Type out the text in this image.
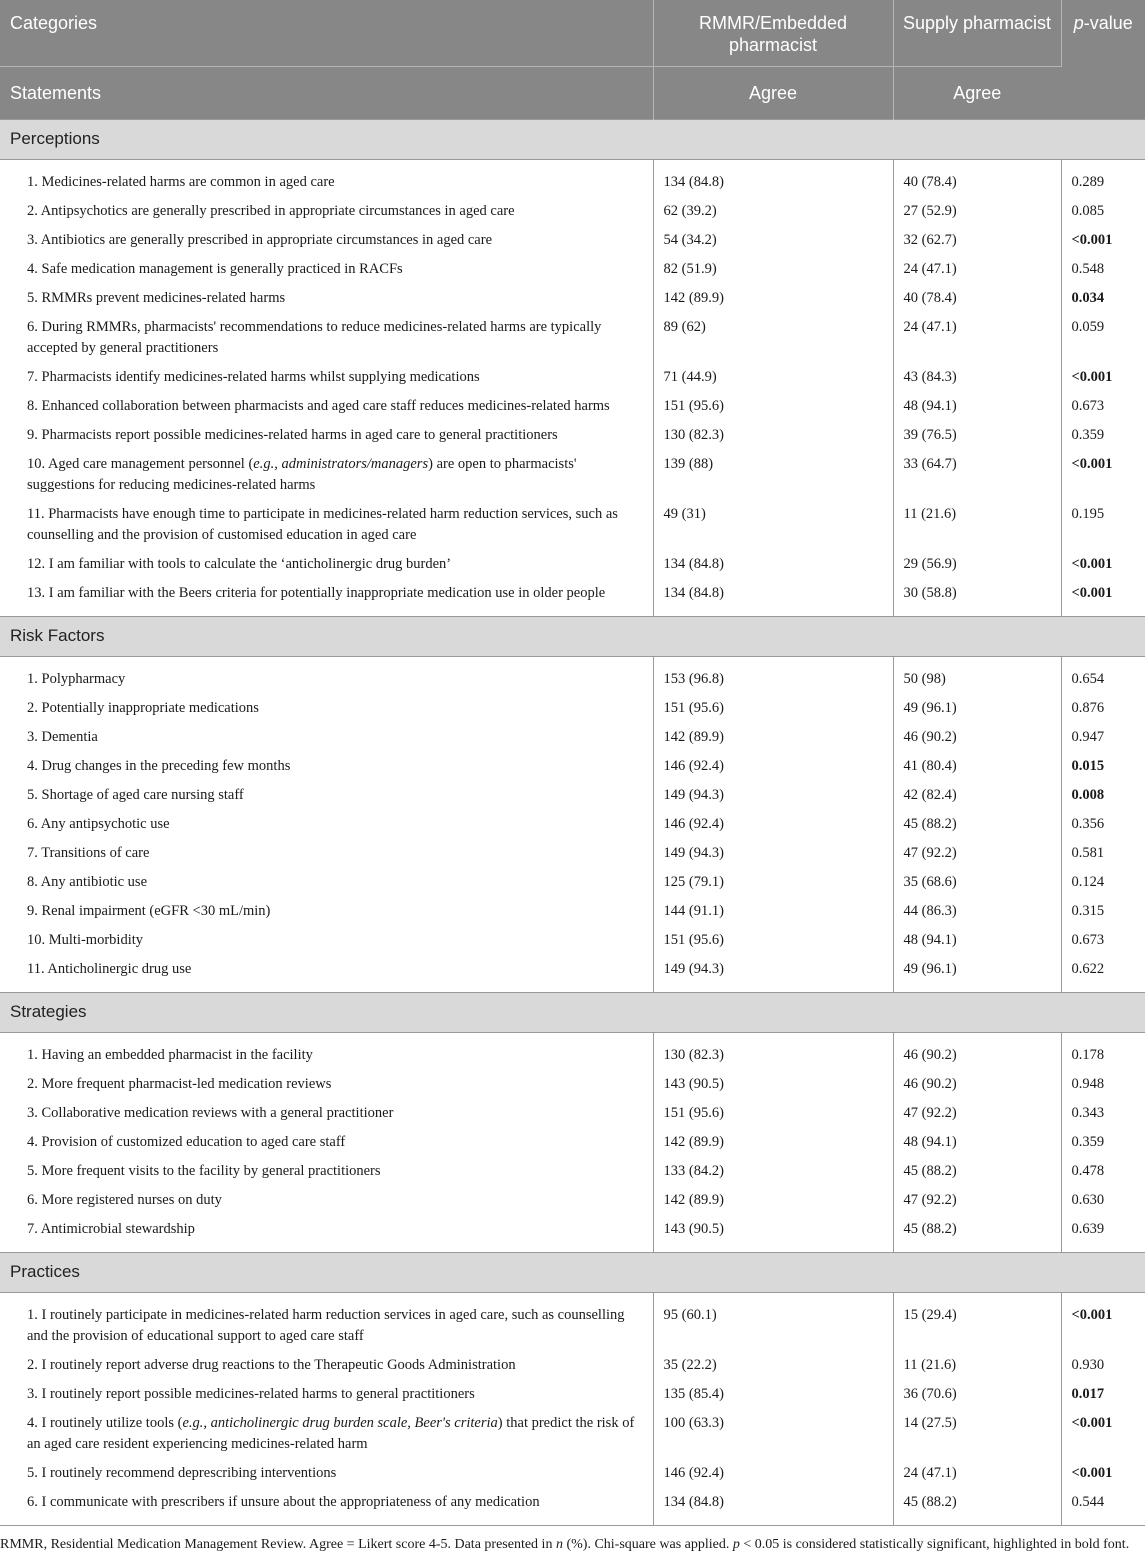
Categories	RMMR/Embedded pharmacist	Supply pharmacist	p-value
Statements	Agree	Agree	
Perceptions			

1. Medicines-related harms are common in aged care	134 (84.8)	40 (78.4)	0.289
2. Antipsychotics are generally prescribed in appropriate circumstances in aged care	62 (39.2)	27 (52.9)	0.085
3. Antibiotics are generally prescribed in appropriate circumstances in aged care	54 (34.2)	32 (62.7)	<0.001
4. Safe medication management is generally practiced in RACFs	82 (51.9)	24 (47.1)	0.548
5. RMMRs prevent medicines-related harms	142 (89.9)	40 (78.4)	0.034
6. During RMMRs, pharmacists' recommendations to reduce medicines-related harms are typically accepted by general practitioners	89 (62)	24 (47.1)	0.059
7. Pharmacists identify medicines-related harms whilst supplying medications	71 (44.9)	43 (84.3)	<0.001
8. Enhanced collaboration between pharmacists and aged care staff reduces medicines-related harms	151 (95.6)	48 (94.1)	0.673
9. Pharmacists report possible medicines-related harms in aged care to general practitioners	130 (82.3)	39 (76.5)	0.359
10. Aged care management personnel (e.g., administrators/managers) are open to pharmacists' suggestions for reducing medicines-related harms	139 (88)	33 (64.7)	<0.001
11. Pharmacists have enough time to participate in medicines-related harm reduction services, such as counselling and the provision of customised education in aged care	49 (31)	11 (21.6)	0.195
12. I am familiar with tools to calculate the ‘anticholinergic drug burden’	134 (84.8)	29 (56.9)	<0.001
13. I am familiar with the Beers criteria for potentially inappropriate medication use in older people	134 (84.8)	30 (58.8)	<0.001

Risk Factors			

1. Polypharmacy	153 (96.8)	50 (98)	0.654
2. Potentially inappropriate medications	151 (95.6)	49 (96.1)	0.876
3. Dementia	142 (89.9)	46 (90.2)	0.947
4. Drug changes in the preceding few months	146 (92.4)	41 (80.4)	0.015
5. Shortage of aged care nursing staff	149 (94.3)	42 (82.4)	0.008
6. Any antipsychotic use	146 (92.4)	45 (88.2)	0.356
7. Transitions of care	149 (94.3)	47 (92.2)	0.581
8. Any antibiotic use	125 (79.1)	35 (68.6)	0.124
9. Renal impairment (eGFR <30 mL/min)	144 (91.1)	44 (86.3)	0.315
10. Multi-morbidity	151 (95.6)	48 (94.1)	0.673
11. Anticholinergic drug use	149 (94.3)	49 (96.1)	0.622

Strategies			

1. Having an embedded pharmacist in the facility	130 (82.3)	46 (90.2)	0.178
2. More frequent pharmacist-led medication reviews	143 (90.5)	46 (90.2)	0.948
3. Collaborative medication reviews with a general practitioner	151 (95.6)	47 (92.2)	0.343
4. Provision of customized education to aged care staff	142 (89.9)	48 (94.1)	0.359
5. More frequent visits to the facility by general practitioners	133 (84.2)	45 (88.2)	0.478
6. More registered nurses on duty	142 (89.9)	47 (92.2)	0.630
7. Antimicrobial stewardship	143 (90.5)	45 (88.2)	0.639

Practices			

1. I routinely participate in medicines-related harm reduction services in aged care, such as counselling and the provision of educational support to aged care staff	95 (60.1)	15 (29.4)	<0.001
2. I routinely report adverse drug reactions to the Therapeutic Goods Administration	35 (22.2)	11 (21.6)	0.930
3. I routinely report possible medicines-related harms to general practitioners	135 (85.4)	36 (70.6)	0.017
4. I routinely utilize tools (e.g., anticholinergic drug burden scale, Beer's criteria) that predict the risk of an aged care resident experiencing medicines-related harm	100 (63.3)	14 (27.5)	<0.001
5. I routinely recommend deprescribing interventions	146 (92.4)	24 (47.1)	<0.001
6. I communicate with prescribers if unsure about the appropriateness of any medication	134 (84.8)	45 (88.2)	0.544

RMMR, Residential Medication Management Review. Agree = Likert score 4-5. Data presented in n (%). Chi-square was applied. p < 0.05 is considered statistically significant, highlighted in bold font.
